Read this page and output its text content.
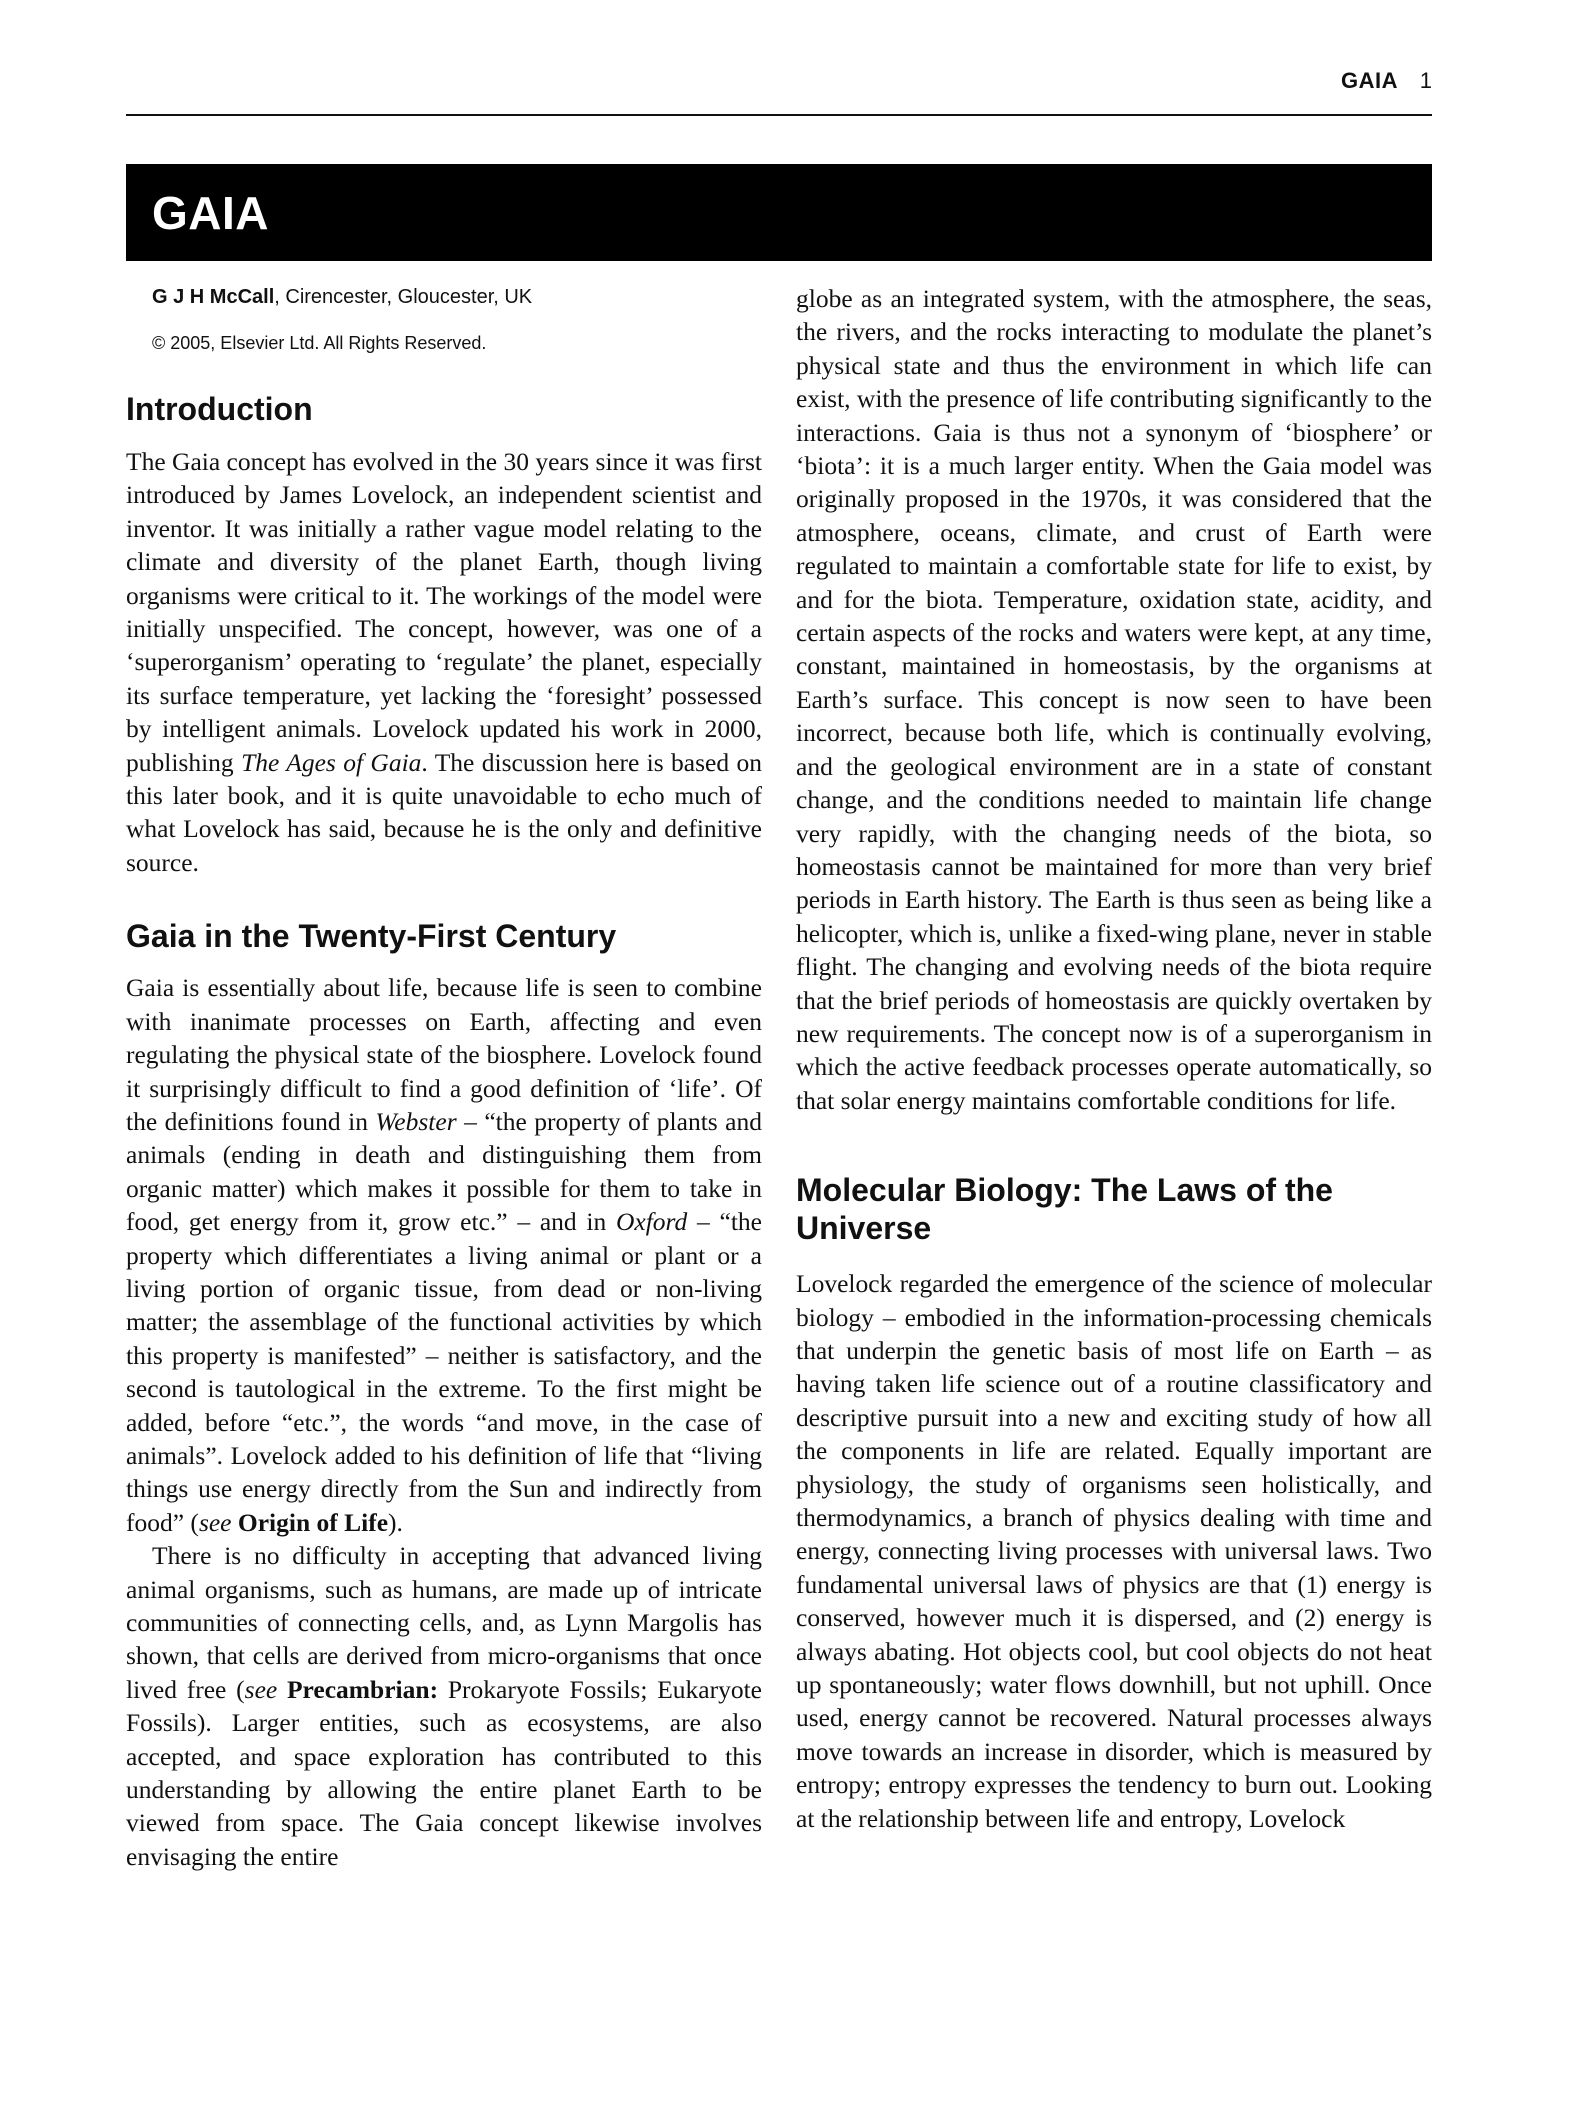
GAIA 1
GAIA
G J H McCall, Cirencester, Gloucester, UK
© 2005, Elsevier Ltd. All Rights Reserved.
Introduction

The Gaia concept has evolved in the 30 years since it was first introduced by James Lovelock, an independent scientist and inventor. It was initially a rather vague model relating to the climate and diversity of the planet Earth, though living organisms were critical to it. The workings of the model were initially unspecified. The concept, however, was one of a ‘superorganism’ operating to ‘regulate’ the planet, especially its surface temperature, yet lacking the ‘foresight’ possessed by intelligent animals. Lovelock updated his work in 2000, publishing The Ages of Gaia. The discussion here is based on this later book, and it is quite unavoidable to echo much of what Lovelock has said, because he is the only and definitive source.

Gaia in the Twenty-First Century

Gaia is essentially about life, because life is seen to combine with inanimate processes on Earth, affecting and even regulating the physical state of the biosphere. Lovelock found it surprisingly difficult to find a good definition of ‘life’. Of the definitions found in Webster – “the property of plants and animals (ending in death and distinguishing them from organic matter) which makes it possible for them to take in food, get energy from it, grow etc.” – and in Oxford – “the property which differentiates a living animal or plant or a living portion of organic tissue, from dead or non-living matter; the assemblage of the functional activities by which this property is manifested” – neither is satisfactory, and the second is tautological in the extreme. To the first might be added, before “etc.”, the words “and move, in the case of animals”. Lovelock added to his definition of life that “living things use energy directly from the Sun and indirectly from food” (see Origin of Life).

There is no difficulty in accepting that advanced living animal organisms, such as humans, are made up of intricate communities of connecting cells, and, as Lynn Margolis has shown, that cells are derived from micro-organisms that once lived free (see Precambrian: Prokaryote Fossils; Eukaryote Fossils). Larger entities, such as ecosystems, are also accepted, and space exploration has contributed to this understanding by allowing the entire planet Earth to be viewed from space. The Gaia concept likewise involves envisaging the entire

globe as an integrated system, with the atmosphere, the seas, the rivers, and the rocks interacting to modulate the planet’s physical state and thus the environment in which life can exist, with the presence of life contributing significantly to the interactions. Gaia is thus not a synonym of ‘biosphere’ or ‘biota’: it is a much larger entity. When the Gaia model was originally proposed in the 1970s, it was considered that the atmosphere, oceans, climate, and crust of Earth were regulated to maintain a comfortable state for life to exist, by and for the biota. Temperature, oxidation state, acidity, and certain aspects of the rocks and waters were kept, at any time, constant, maintained in homeostasis, by the organisms at Earth’s surface. This concept is now seen to have been incorrect, because both life, which is continually evolving, and the geological environment are in a state of constant change, and the conditions needed to maintain life change very rapidly, with the changing needs of the biota, so homeostasis cannot be maintained for more than very brief periods in Earth history. The Earth is thus seen as being like a helicopter, which is, unlike a fixed-wing plane, never in stable flight. The changing and evolving needs of the biota require that the brief periods of homeostasis are quickly overtaken by new requirements. The concept now is of a superorganism in which the active feedback processes operate automatically, so that solar energy maintains comfortable conditions for life.

Molecular Biology: The Laws of the Universe

Lovelock regarded the emergence of the science of molecular biology – embodied in the information-processing chemicals that underpin the genetic basis of most life on Earth – as having taken life science out of a routine classificatory and descriptive pursuit into a new and exciting study of how all the components in life are related. Equally important are physiology, the study of organisms seen holistically, and thermodynamics, a branch of physics dealing with time and energy, connecting living processes with universal laws. Two fundamental universal laws of physics are that (1) energy is conserved, however much it is dispersed, and (2) energy is always abating. Hot objects cool, but cool objects do not heat up spontaneously; water flows downhill, but not uphill. Once used, energy cannot be recovered. Natural processes always move towards an increase in disorder, which is measured by entropy; entropy expresses the tendency to burn out. Looking at the relationship between life and entropy, Lovelock
